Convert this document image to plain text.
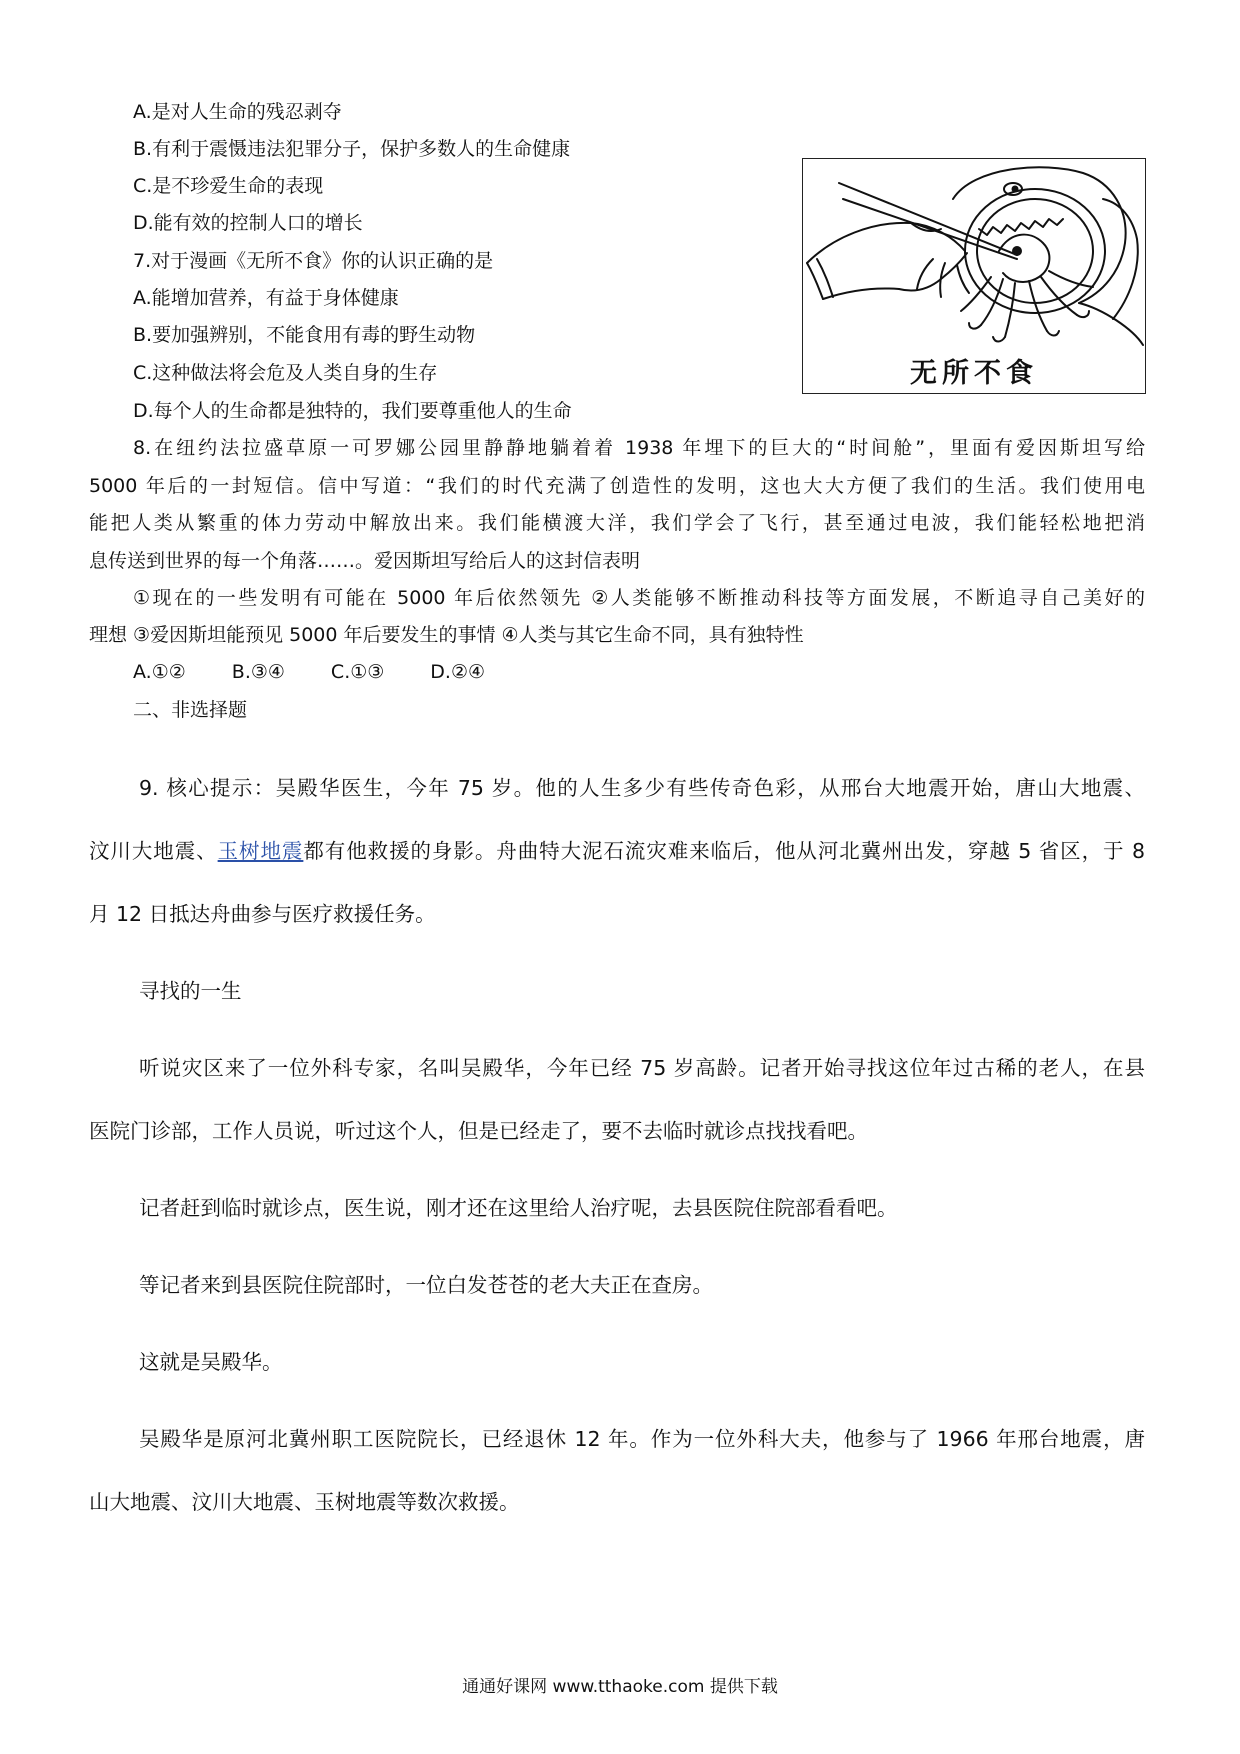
A.是对人生命的残忍剥夺
B.有利于震慑违法犯罪分子，保护多数人的生命健康
C.是不珍爱生命的表现
D.能有效的控制人口的增长
7.对于漫画《无所不食》你的认识正确的是
A.能增加营养，有益于身体健康
B.要加强辨别，不能食用有毒的野生动物
C.这种做法将会危及人类自身的生存
D.每个人的生命都是独特的，我们要尊重他人的生命
无所不食
8.在纽约法拉盛草原一可罗娜公园里静静地躺着着 1938 年埋下的巨大的“时间舱”，里面有爱因斯坦写给
5000 年后的一封短信。信中写道：“我们的时代充满了创造性的发明，这也大大方便了我们的生活。我们使用电
能把人类从繁重的体力劳动中解放出来。我们能横渡大洋，我们学会了飞行，甚至通过电波，我们能轻松地把消
息传送到世界的每一个角落……。爱因斯坦写给后人的这封信表明
①现在的一些发明有可能在 5000 年后依然领先 ②人类能够不断推动科技等方面发展，不断追寻自己美好的
理想 ③爱因斯坦能预见 5000 年后要发生的事情 ④人类与其它生命不同，具有独特性
A.①② B.③④ C.①③ D.②④
二、非选择题
9. 核心提示：吴殿华医生，今年 75 岁。他的人生多少有些传奇色彩，从邢台大地震开始，唐山大地震、
汶川大地震、玉树地震都有他救援的身影。舟曲特大泥石流灾难来临后，他从河北冀州出发，穿越 5 省区，于 8
月 12 日抵达舟曲参与医疗救援任务。
寻找的一生
听说灾区来了一位外科专家，名叫吴殿华，今年已经 75 岁高龄。记者开始寻找这位年过古稀的老人，在县
医院门诊部，工作人员说，听过这个人，但是已经走了，要不去临时就诊点找找看吧。
记者赶到临时就诊点，医生说，刚才还在这里给人治疗呢，去县医院住院部看看吧。
等记者来到县医院住院部时，一位白发苍苍的老大夫正在查房。
这就是吴殿华。
吴殿华是原河北冀州职工医院院长，已经退休 12 年。作为一位外科大夫，他参与了 1966 年邢台地震，唐
山大地震、汶川大地震、玉树地震等数次救援。
通通好课网 www.tthaoke.com 提供下载
